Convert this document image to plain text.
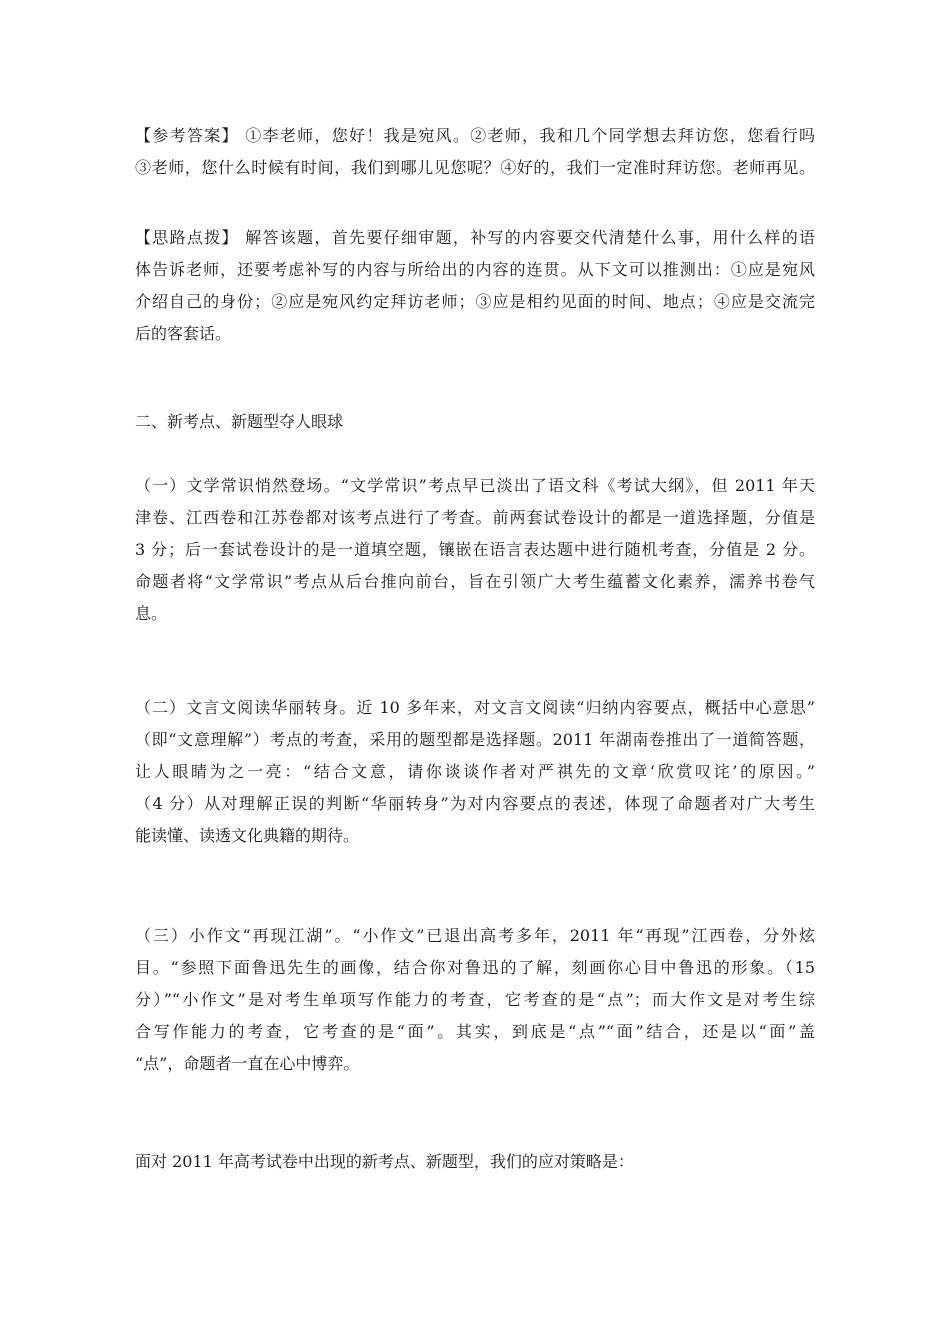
【参考答案】 ①李老师，您好！我是宛风。②老师，我和几个同学想去拜访您，您看行吗
③老师，您什么时候有时间，我们到哪儿见您呢？④好的，我们一定准时拜访您。老师再见。
【思路点拨】 解答该题，首先要仔细审题，补写的内容要交代清楚什么事，用什么样的语
体告诉老师，还要考虑补写的内容与所给出的内容的连贯。从下文可以推测出：①应是宛风
介绍自己的身份；②应是宛风约定拜访老师；③应是相约见面的时间、地点；④应是交流完
后的客套话。
二、新考点、新题型夺人眼球
（一）文学常识悄然登场。“文学常识”考点早已淡出了语文科《考试大纲》，但 2011 年天
津卷、江西卷和江苏卷都对该考点进行了考查。前两套试卷设计的都是一道选择题，分值是
3 分；后一套试卷设计的是一道填空题，镶嵌在语言表达题中进行随机考查，分值是 2 分。
命题者将“文学常识”考点从后台推向前台，旨在引领广大考生蕴蓄文化素养，濡养书卷气
息。
（二）文言文阅读华丽转身。近 10 多年来，对文言文阅读“归纳内容要点，概括中心意思”
（即“文意理解”）考点的考查，采用的题型都是选择题。2011 年湖南卷推出了一道简答题，
让人眼睛为之一亮：“结合文意，请你谈谈作者对严祺先的文章‘欣赏叹诧’的原因。”
（4 分）从对理解正误的判断“华丽转身”为对内容要点的表述，体现了命题者对广大考生
能读懂、读透文化典籍的期待。
（三）小作文“再现江湖”。“小作文”已退出高考多年，2011 年“再现”江西卷，分外炫
目。“参照下面鲁迅先生的画像，结合你对鲁迅的了解，刻画你心目中鲁迅的形象。（15
分）”“小作文”是对考生单项写作能力的考查，它考查的是“点”；而大作文是对考生综
合写作能力的考查，它考查的是“面”。其实，到底是“点”“面”结合，还是以“面”盖
“点”，命题者一直在心中博弈。
面对 2011 年高考试卷中出现的新考点、新题型，我们的应对策略是：
